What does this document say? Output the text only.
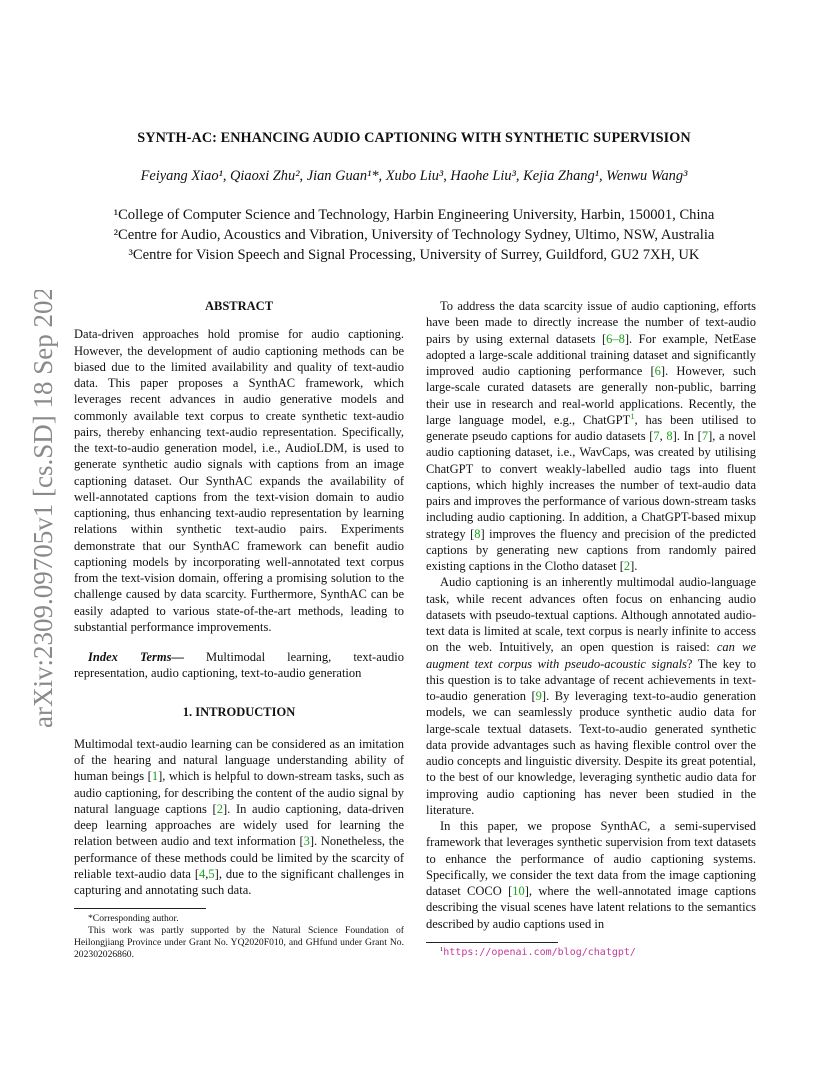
SYNTH-AC: ENHANCING AUDIO CAPTIONING WITH SYNTHETIC SUPERVISION
Feiyang Xiao¹, Qiaoxi Zhu², Jian Guan¹*, Xubo Liu³, Haohe Liu³, Kejia Zhang¹, Wenwu Wang³
¹College of Computer Science and Technology, Harbin Engineering University, Harbin, 150001, China
²Centre for Audio, Acoustics and Vibration, University of Technology Sydney, Ultimo, NSW, Australia
³Centre for Vision Speech and Signal Processing, University of Surrey, Guildford, GU2 7XH, UK
arXiv:2309.09705v1 [cs.SD] 18 Sep 2023	ABSTRACT

Data-driven approaches hold promise for audio captioning. However, the development of audio captioning methods can be biased due to the limited availability and quality of text-audio data. This paper proposes a SynthAC framework, which leverages recent advances in audio generative models and commonly available text corpus to create synthetic text-audio pairs, thereby enhancing text-audio representation. Specifically, the text-to-audio generation model, i.e., AudioLDM, is used to generate synthetic audio signals with captions from an image captioning dataset. Our SynthAC expands the availability of well-annotated captions from the text-vision domain to audio captioning, thus enhancing text-audio representation by learning relations within synthetic text-audio pairs. Experiments demonstrate that our SynthAC framework can benefit audio captioning models by incorporating well-annotated text corpus from the text-vision domain, offering a promising solution to the challenge caused by data scarcity. Furthermore, SynthAC can be easily adapted to various state-of-the-art methods, leading to substantial performance improvements.

Index Terms— Multimodal learning, text-audio representation, audio captioning, text-to-audio generation

1. INTRODUCTION

Multimodal text-audio learning can be considered as an imitation of the hearing and natural language understanding ability of human beings [1], which is helpful to down-stream tasks, such as audio captioning, for describing the content of the audio signal by natural language captions [2]. In audio captioning, data-driven deep learning approaches are widely used for learning the relation between audio and text information [3]. Nonetheless, the performance of these methods could be limited by the scarcity of reliable text-audio data [4,5], due to the significant challenges in capturing and annotating such data.

*Corresponding author.
This work was partly supported by the Natural Science Foundation of Heilongjiang Province under Grant No. YQ2020F010, and GHfund under Grant No. 202302026860.

To address the data scarcity issue of audio captioning, efforts have been made to directly increase the number of text-audio pairs by using external datasets [6–8]. For example, NetEase adopted a large-scale additional training dataset and significantly improved audio captioning performance [6]. However, such large-scale curated datasets are generally non-public, barring their use in research and real-world applications. Recently, the large language model, e.g., ChatGPT$^1$, has been utilised to generate pseudo captions for audio datasets [7, 8]. In [7], a novel audio captioning dataset, i.e., WavCaps, was created by utilising ChatGPT to convert weakly-labelled audio tags into fluent captions, which highly increases the number of text-audio data pairs and improves the performance of various down-stream tasks including audio captioning. In addition, a ChatGPT-based mixup strategy [8] improves the fluency and precision of the predicted captions by generating new captions from randomly paired existing captions in the Clotho dataset [2].

Audio captioning is an inherently multimodal audio-language task, while recent advances often focus on enhancing audio datasets with pseudo-textual captions. Although annotated audio-text data is limited at scale, text corpus is nearly infinite to access on the web. Intuitively, an open question is raised: can we augment text corpus with pseudo-acoustic signals? The key to this question is to take advantage of recent achievements in text-to-audio generation [9]. By leveraging text-to-audio generation models, we can seamlessly produce synthetic audio data for large-scale textual datasets. Text-to-audio generated synthetic data provide advantages such as having flexible control over the audio concepts and linguistic diversity. Despite its great potential, to the best of our knowledge, leveraging synthetic audio data for improving audio captioning has never been studied in the literature.

In this paper, we propose SynthAC, a semi-supervised framework that leverages synthetic supervision from text datasets to enhance the performance of audio captioning systems. Specifically, we consider the text data from the image captioning dataset COCO [10], where the well-annotated image captions describing the visual scenes have latent relations to the semantics described by audio captions used in

$^1$https://openai.com/blog/chatgpt/
